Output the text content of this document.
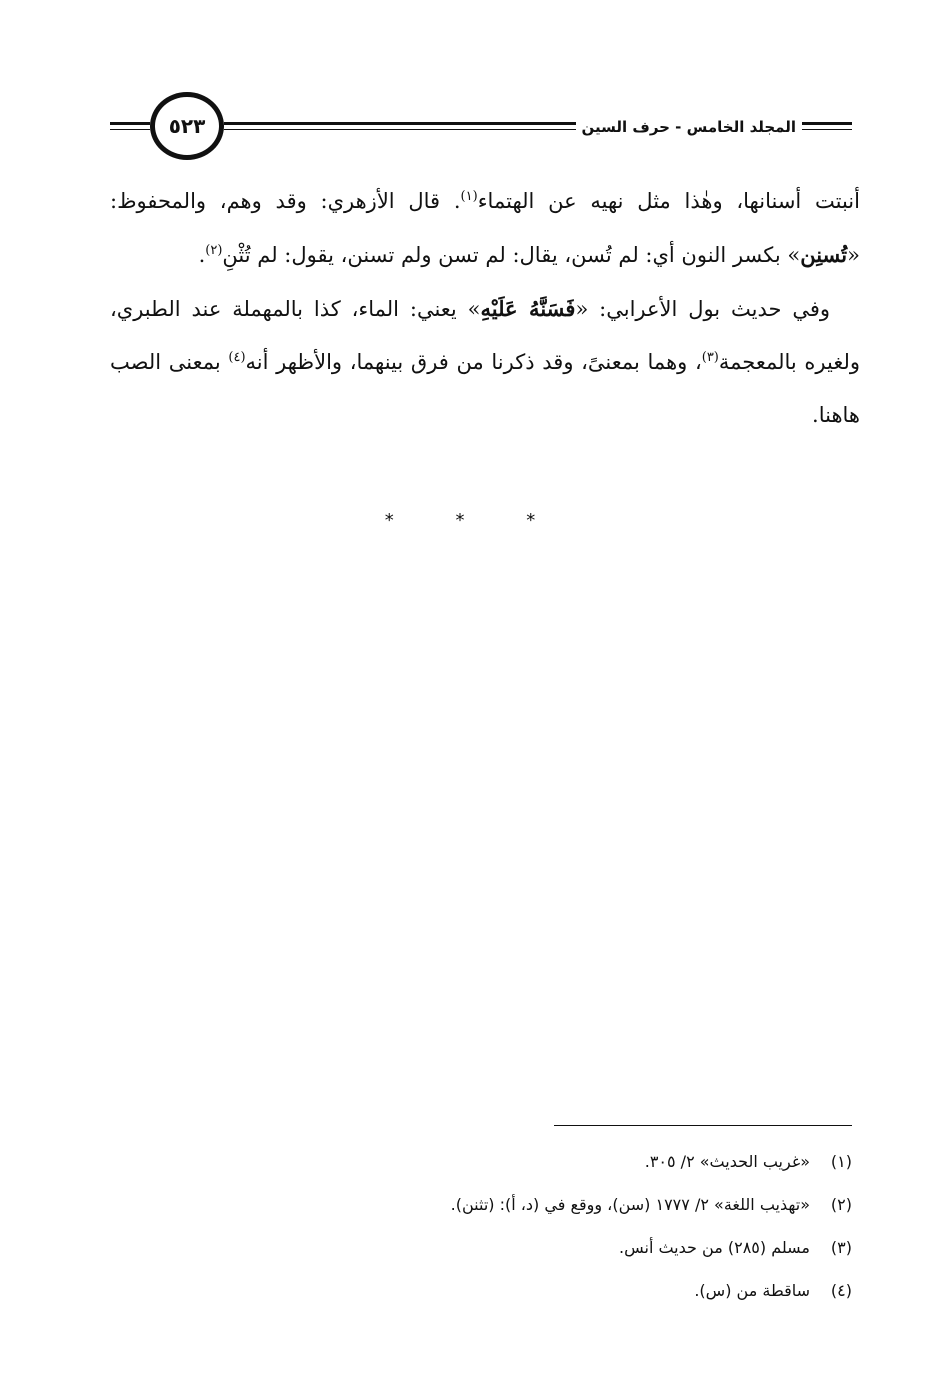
٥٢٣	المجلد الخامس - حرف السين

أنبتت أسنانها، وهٰذا مثل نهيه عن الهتماء$^{(١)}$. قال الأزهري: وقد وهم، والمحفوظ: «تُسنِن» بكسر النون أي: لم تُسن، يقال: لم تسن ولم تسنن، يقول: لم تُثْنِ$^{(٢)}$.

وفي حديث بول الأعرابي: «فَسَنَّهُ عَلَيْهِ» يعني: الماء، كذا بالمهملة عند الطبري، ولغيره بالمعجمة$^{(٣)}$، وهما بمعنىً، وقد ذكرنا من فرق بينهما، والأظهر أنه$^{(٤)}$ بمعنى الصب هاهنا.

* * *
(١)«غريب الحديث» ٢/ ٣٠٥.
(٢)«تهذيب اللغة» ٢/ ١٧٧٧ (سن)، ووقع في (د، أ): (تثنن).
(٣)مسلم (٢٨٥) من حديث أنس.
(٤)ساقطة من (س).
